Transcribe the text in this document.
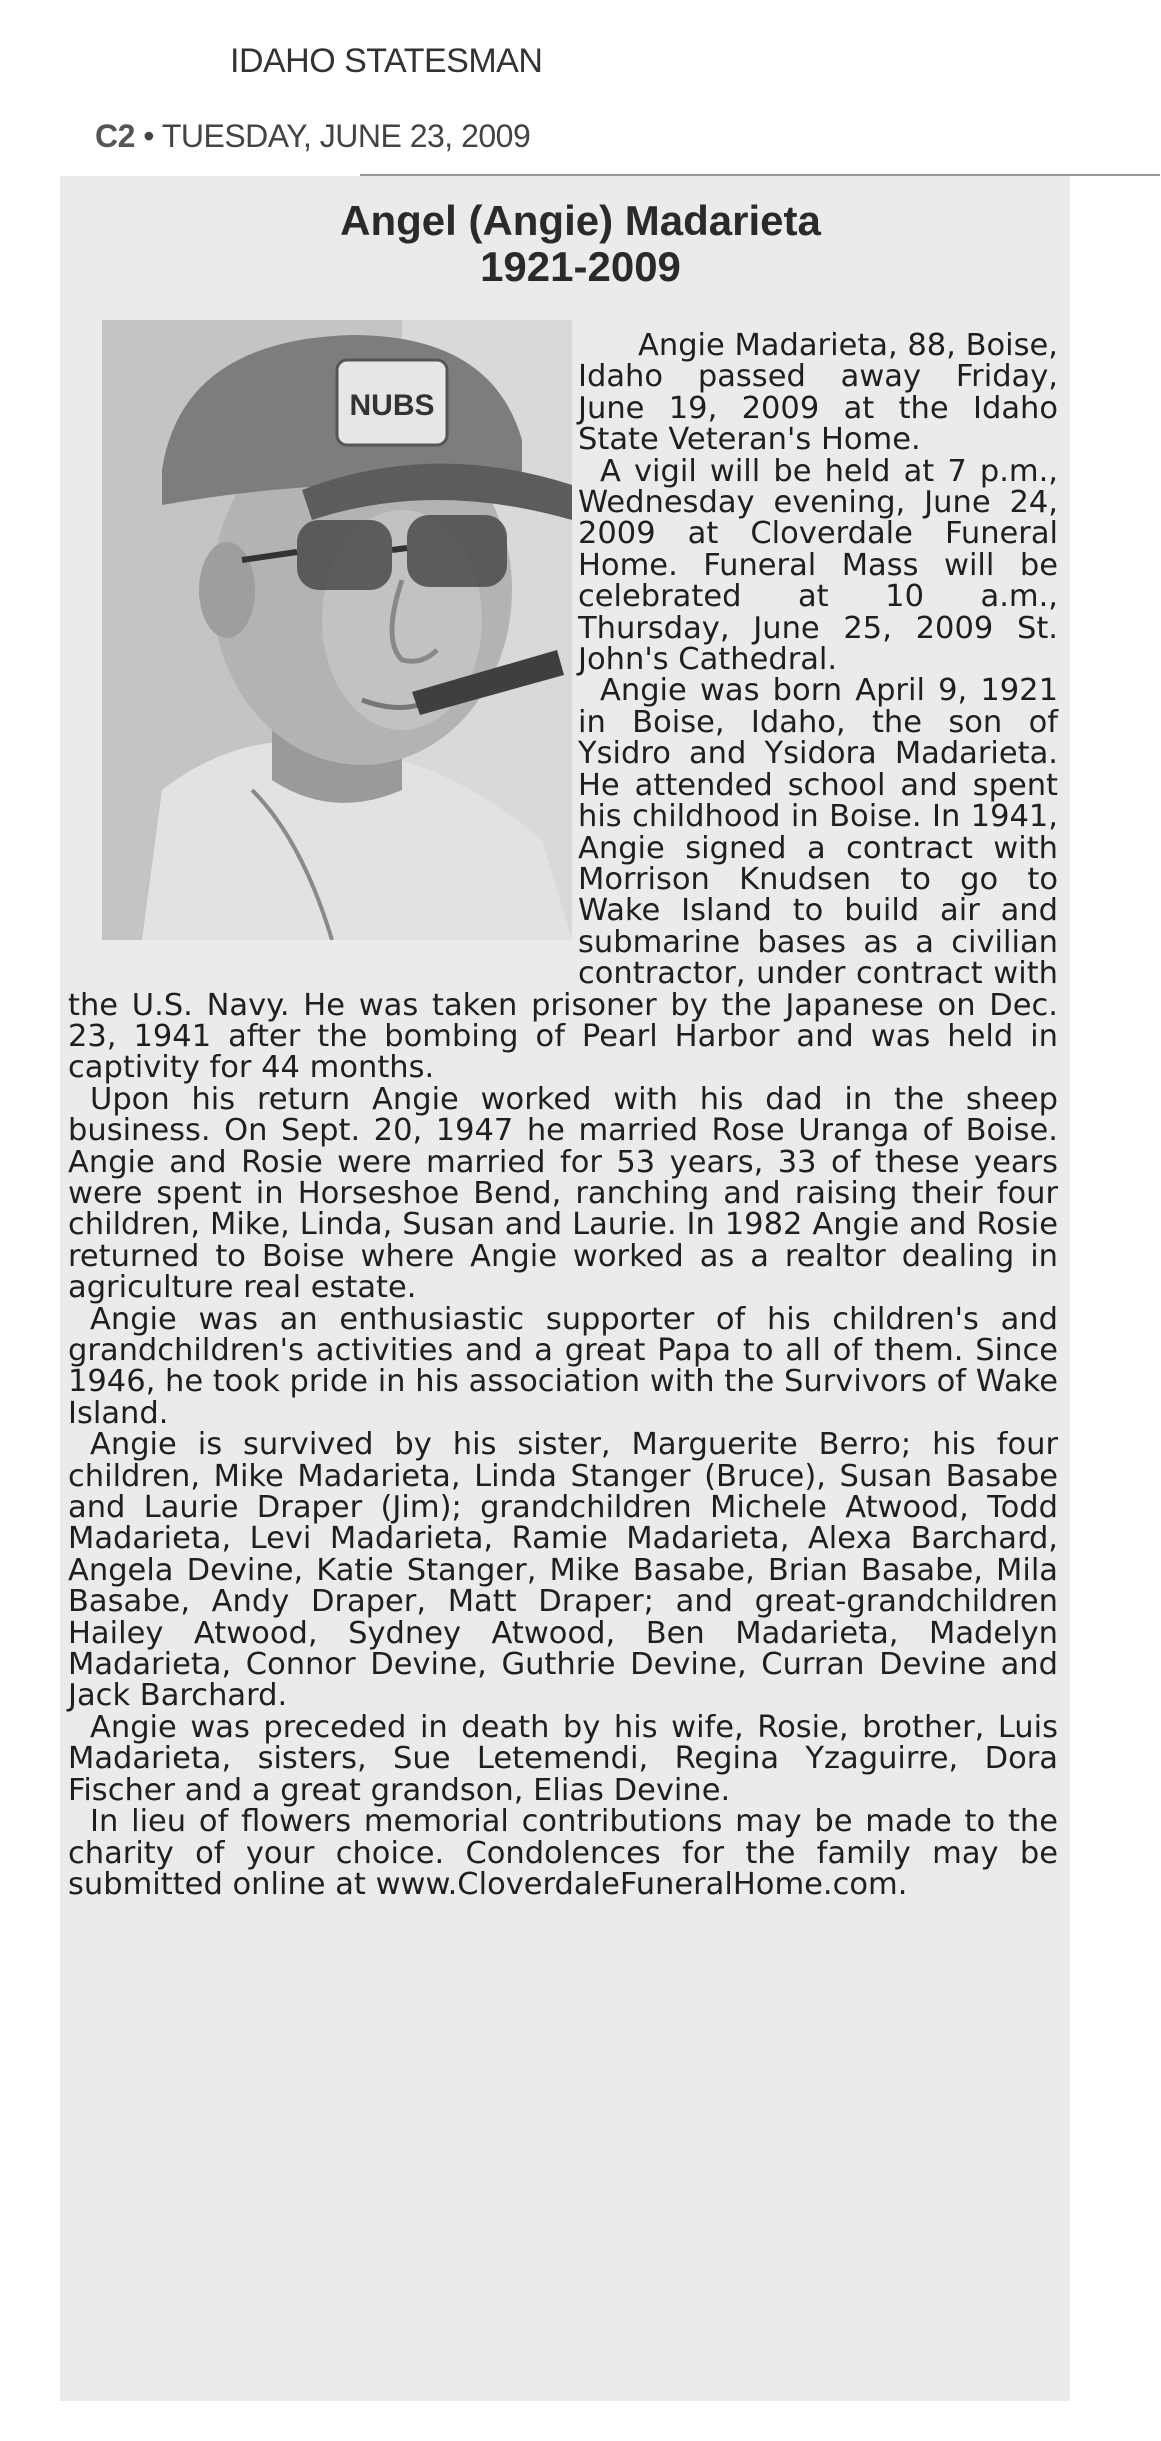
IDAHO STATESMAN
C2 • TUESDAY, JUNE 23, 2009
Angel (Angie) Madarieta
1921-2009
NUBS

Angie Madarieta, 88, Boise, Idaho passed away Friday, June 19, 2009 at the Idaho State Veteran's Home.

A vigil will be held at 7 p.m., Wednesday evening, June 24, 2009 at Cloverdale Funeral Home. Funeral Mass will be celebrated at 10 a.m., Thursday, June 25, 2009 St. John's Cathedral.

Angie was born April 9, 1921 in Boise, Idaho, the son of Ysidro and Ysidora Madarieta. He attended school and spent his childhood in Boise. In 1941, Angie signed a contract with Morrison Knudsen to go to Wake Island to build air and submarine bases as a civilian contractor, under contract with the U.S. Navy. He was taken prisoner by the Japanese on Dec. 23, 1941 after the bombing of Pearl Harbor and was held in captivity for 44 months.

Upon his return Angie worked with his dad in the sheep business. On Sept. 20, 1947 he married Rose Uranga of Boise. Angie and Rosie were married for 53 years, 33 of these years were spent in Horseshoe Bend, ranching and raising their four children, Mike, Linda, Susan and Laurie. In 1982 Angie and Rosie returned to Boise where Angie worked as a realtor dealing in agriculture real estate.

Angie was an enthusiastic supporter of his children's and grandchildren's activities and a great Papa to all of them. Since 1946, he took pride in his association with the Survivors of Wake Island.

Angie is survived by his sister, Marguerite Berro; his four children, Mike Madarieta, Linda Stanger (Bruce), Susan Basabe and Laurie Draper (Jim); grandchildren Michele Atwood, Todd Madarieta, Levi Madarieta, Ramie Madarieta, Alexa Barchard, Angela Devine, Katie Stanger, Mike Basabe, Brian Basabe, Mila Basabe, Andy Draper, Matt Draper; and great-grandchildren Hailey Atwood, Sydney Atwood, Ben Madarieta, Madelyn Madarieta, Connor Devine, Guthrie Devine, Curran Devine and Jack Barchard.

Angie was preceded in death by his wife, Rosie, brother, Luis Madarieta, sisters, Sue Letemendi, Regina Yzaguirre, Dora Fischer and a great grandson, Elias Devine.

In lieu of flowers memorial contributions may be made to the charity of your choice. Condolences for the family may be submitted online at www.CloverdaleFuneralHome.com.
